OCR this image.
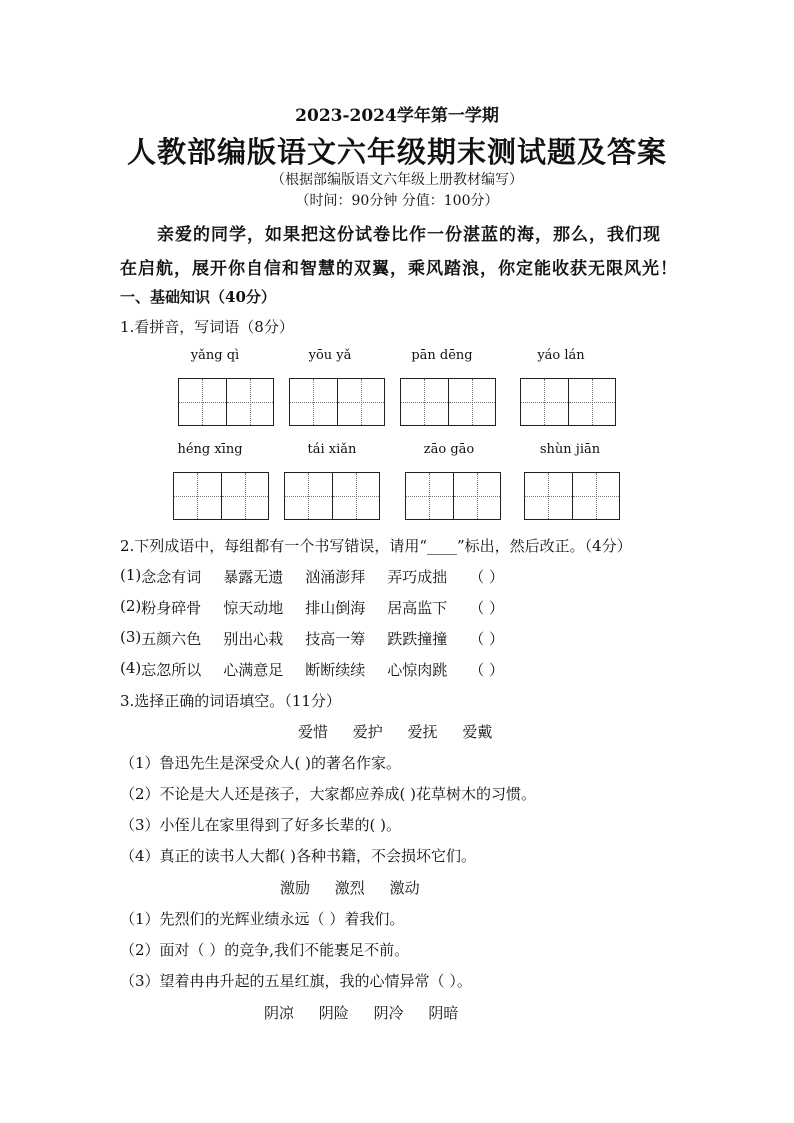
2023-2024学年第一学期
人教部编版语文六年级期末测试题及答案
（根据部编版语文六年级上册教材编写）
（时间：90分钟 分值：100分）
亲爱的同学，如果把这份试卷比作一份湛蓝的海，那么，我们现
在启航，展开你自信和智慧的双翼，乘风踏浪，你定能收获无限风光！
一、基础知识（40分）
1.看拼音，写词语（8分）
yǎng qì	yōu yǎ	pān dēng	yáo lán
héng xīng	tái xiǎn	zāo gāo	shùn jiān
2.下列成语中，每组都有一个书写错误，请用“____”标出，然后改正。（4分）
(1) 念念有词	暴露无遗	汹涌澎拜	弄巧成拙	（ ）
(2) 粉身碎骨	惊天动地	排山倒海	居高监下	（ ）
(3) 五颜六色	别出心栽	技高一筹	跌跌撞撞	（ ）
(4) 忘忽所以	心满意足	断断续续	心惊肉跳	（ ）
3.选择正确的词语填空。（11分）
爱惜 爱护 爱抚 爱戴
（1）鲁迅先生是深受众人( )的著名作家。
（2）不论是大人还是孩子，大家都应养成( )花草树木的习惯。
（3）小侄儿在家里得到了好多长辈的( )。
（4）真正的读书人大都( )各种书籍，不会损坏它们。
激励 激烈 激动
（1）先烈们的光辉业绩永远（ ）着我们。
（2）面对（ ）的竞争,我们不能裹足不前。
（3）望着冉冉升起的五星红旗，我的心情异常（ ）。
阴凉 阴险 阴冷 阴暗
